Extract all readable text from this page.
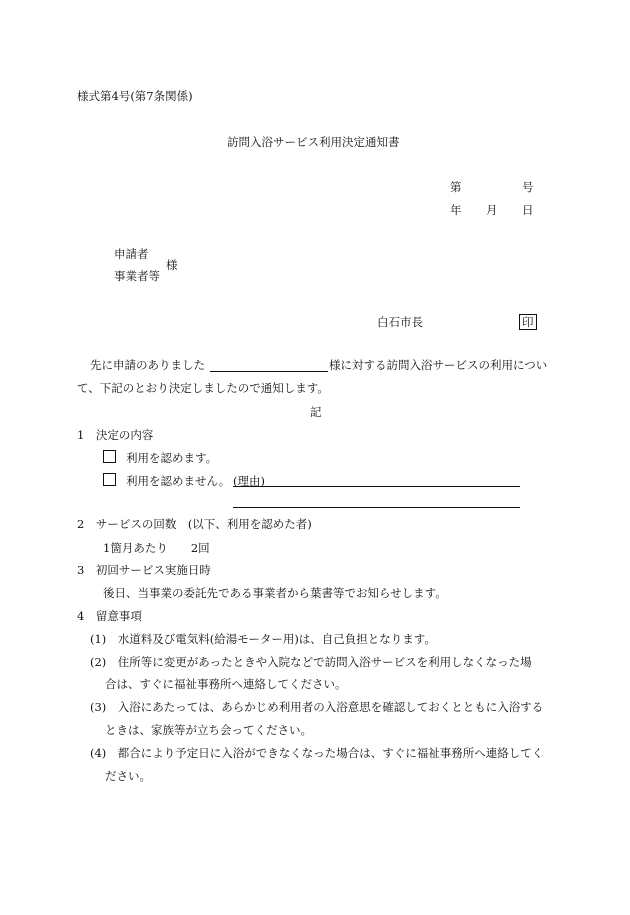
様式第4号(第7条関係)
訪問入浴サービス利用決定通知書
第	号
年 月 日
申請者
事業者等
様
白石市長	印
先に申請のありました	様に対する訪問入浴サービスの利用につい
て、下記のとおり決定しましたので通知します。
記
1　決定の内容
利用を認めます。
利用を認めません。 (理由)
2　サービスの回数　(以下、利用を認めた者)
1箇月あたり　　2回
3　初回サービス実施日時
後日、当事業の委託先である事業者から葉書等でお知らせします。
4　留意事項
(1)　水道料及び電気料(給湯モーター用)は、自己負担となります。
(2)　住所等に変更があったときや入院などで訪問入浴サービスを利用しなくなった場
合は、すぐに福祉事務所へ連絡してください。
(3)　入浴にあたっては、あらかじめ利用者の入浴意思を確認しておくとともに入浴する
ときは、家族等が立ち会ってください。
(4)　都合により予定日に入浴ができなくなった場合は、すぐに福祉事務所へ連絡してく
ださい。
